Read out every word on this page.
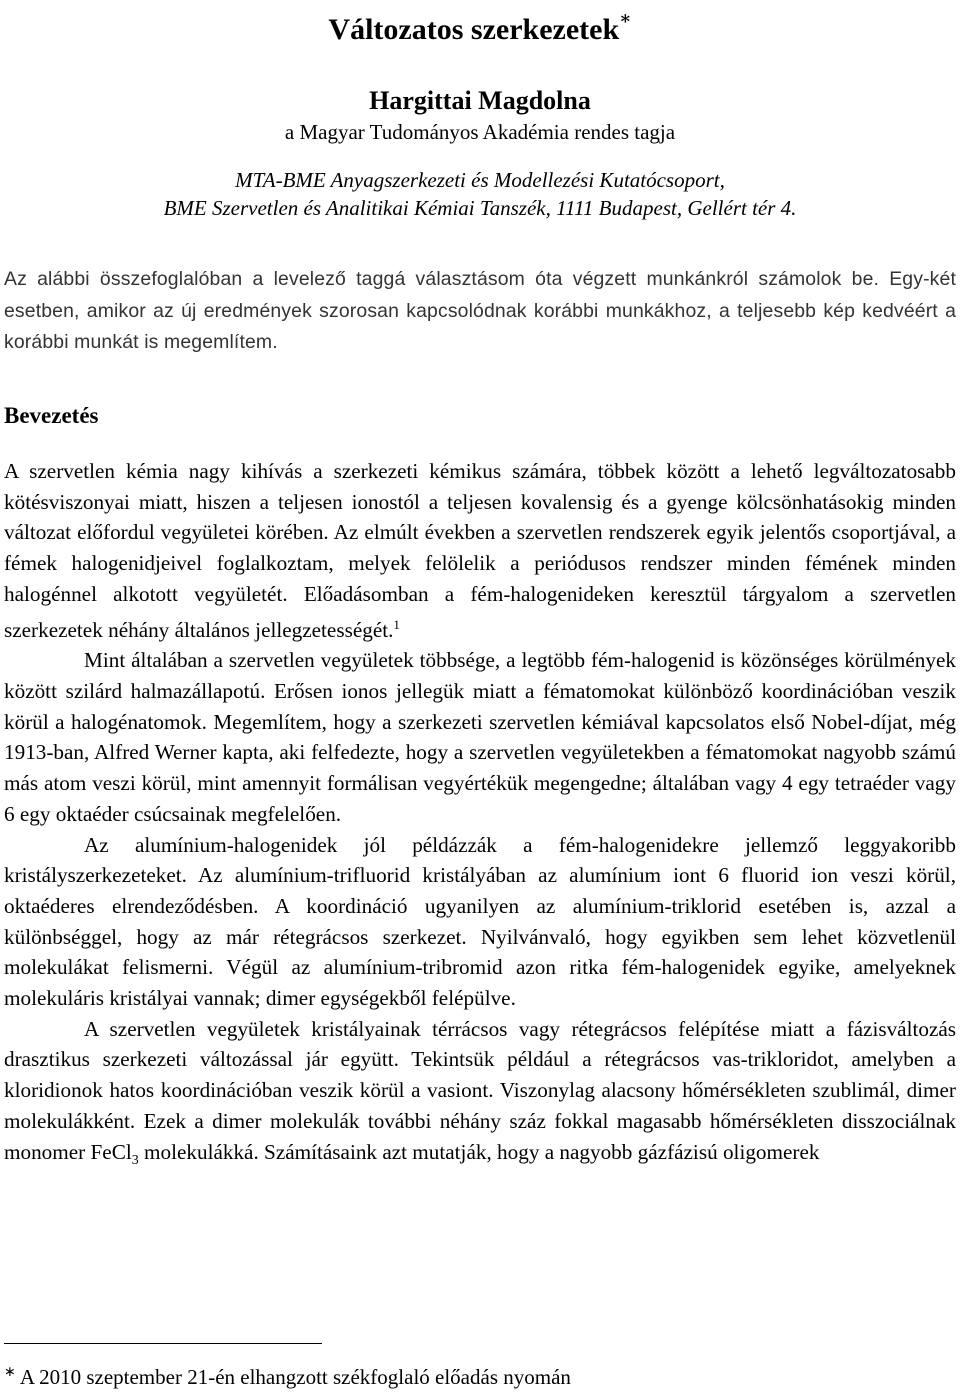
Változatos szerkezetek∗
Hargittai Magdolna
a Magyar Tudományos Akadémia rendes tagja
MTA-BME Anyagszerkezeti és Modellezési Kutatócsoport,
BME Szervetlen és Analitikai Kémiai Tanszék, 1111 Budapest, Gellért tér 4.

Az alábbi összefoglalóban a levelező taggá választásom óta végzett munkánkról számolok be. Egy-két esetben, amikor az új eredmények szorosan kapcsolódnak korábbi munkákhoz, a teljesebb kép kedvéért a korábbi munkát is megemlítem.

Bevezetés

A szervetlen kémia nagy kihívás a szerkezeti kémikus számára, többek között a lehető legváltozatosabb kötésviszonyai miatt, hiszen a teljesen ionostól a teljesen kovalensig és a gyenge kölcsönhatásokig minden változat előfordul vegyületei körében. Az elmúlt években a szervetlen rendszerek egyik jelentős csoportjával, a fémek halogenidjeivel foglalkoztam, melyek felölelik a periódusos rendszer minden fémének minden halogénnel alkotott vegyületét. Előadásomban a fém-halogenideken keresztül tárgyalom a szervetlen szerkezetek néhány általános jellegzetességét.$^1$

Mint általában a szervetlen vegyületek többsége, a legtöbb fém-halogenid is közönséges körülmények között szilárd halmazállapotú. Erősen ionos jellegük miatt a fématomokat különböző koordinációban veszik körül a halogénatomok. Megemlítem, hogy a szerkezeti szervetlen kémiával kapcsolatos első Nobel-díjat, még 1913-ban, Alfred Werner kapta, aki felfedezte, hogy a szervetlen vegyületekben a fématomokat nagyobb számú más atom veszi körül, mint amennyit formálisan vegyértékük megengedne; általában vagy 4 egy tetraéder vagy 6 egy oktaéder csúcsainak megfelelően.

Az alumínium-halogenidek jól példázzák a fém-halogenidekre jellemző leggyakoribb kristályszerkezeteket. Az alumínium-trifluorid kristályában az alumínium iont 6 fluorid ion veszi körül, oktaéderes elrendeződésben. A koordináció ugyanilyen az alumínium-triklorid esetében is, azzal a különbséggel, hogy az már rétegrácsos szerkezet. Nyilvánvaló, hogy egyikben sem lehet közvetlenül molekulákat felismerni. Végül az alumínium-tribromid azon ritka fém-halogenidek egyike, amelyeknek molekuláris kristályai vannak; dimer egységekből felépülve.

A szervetlen vegyületek kristályainak térrácsos vagy rétegrácsos felépítése miatt a fázisváltozás drasztikus szerkezeti változással jár együtt. Tekintsük például a rétegrácsos vas-trikloridot, amelyben a kloridionok hatos koordinációban veszik körül a vasiont. Viszonylag alacsony hőmérsékleten szublimál, dimer molekulákként. Ezek a dimer molekulák további néhány száz fokkal magasabb hőmérsékleten disszociálnak monomer FeCl$_3$ molekulákká. Számításaink azt mutatják, hogy a nagyobb gázfázisú oligomerek

∗ A 2010 szeptember 21-én elhangzott székfoglaló előadás nyomán
